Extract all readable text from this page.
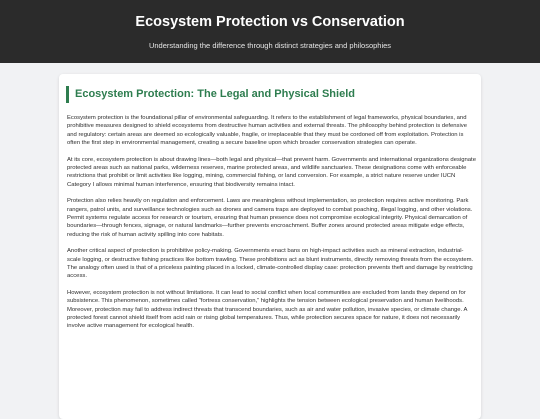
Ecosystem Protection vs Conservation

Understanding the difference through distinct strategies and philosophies

Ecosystem Protection: The Legal and Physical Shield

Ecosystem protection is the foundational pillar of environmental safeguarding. It refers to the establishment of legal frameworks, physical boundaries, and prohibitive measures designed to shield ecosystems from destructive human activities and external threats. The philosophy behind protection is defensive and regulatory: certain areas are deemed so ecologically valuable, fragile, or irreplaceable that they must be cordoned off from exploitation. Protection is often the first step in environmental management, creating a secure baseline upon which broader conservation strategies can operate.

At its core, ecosystem protection is about drawing lines—both legal and physical—that prevent harm. Governments and international organizations designate protected areas such as national parks, wilderness reserves, marine protected areas, and wildlife sanctuaries. These designations come with enforceable restrictions that prohibit or limit activities like logging, mining, commercial fishing, or land conversion. For example, a strict nature reserve under IUCN Category I allows minimal human interference, ensuring that biodiversity remains intact.

Protection also relies heavily on regulation and enforcement. Laws are meaningless without implementation, so protection requires active monitoring. Park rangers, patrol units, and surveillance technologies such as drones and camera traps are deployed to combat poaching, illegal logging, and other violations. Permit systems regulate access for research or tourism, ensuring that human presence does not compromise ecological integrity. Physical demarcation of boundaries—through fences, signage, or natural landmarks—further prevents encroachment. Buffer zones around protected areas mitigate edge effects, reducing the risk of human activity spilling into core habitats.

Another critical aspect of protection is prohibitive policy-making. Governments enact bans on high-impact activities such as mineral extraction, industrial-scale logging, or destructive fishing practices like bottom trawling. These prohibitions act as blunt instruments, directly removing threats from the ecosystem. The analogy often used is that of a priceless painting placed in a locked, climate-controlled display case: protection prevents theft and damage by restricting access.

However, ecosystem protection is not without limitations. It can lead to social conflict when local communities are excluded from lands they depend on for subsistence. This phenomenon, sometimes called “fortress conservation,” highlights the tension between ecological preservation and human livelihoods. Moreover, protection may fail to address indirect threats that transcend boundaries, such as air and water pollution, invasive species, or climate change. A protected forest cannot shield itself from acid rain or rising global temperatures. Thus, while protection secures space for nature, it does not necessarily involve active management for ecological health.
